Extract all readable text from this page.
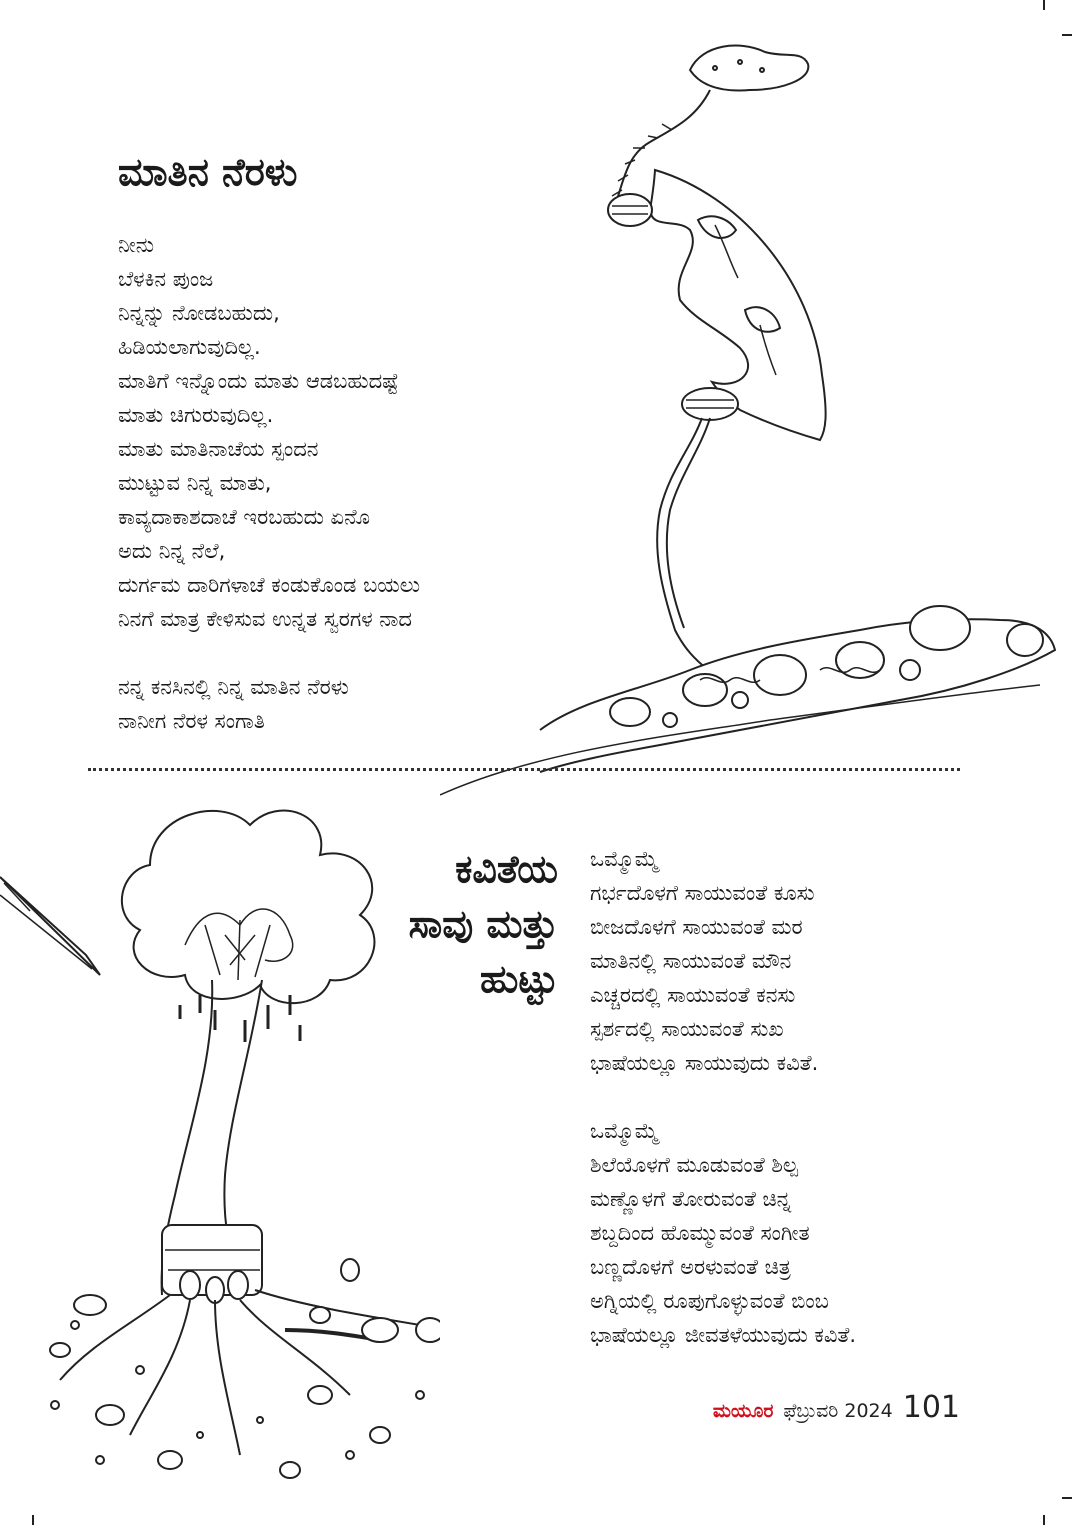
ಮಾತಿನ ನೆರಳು
ನೀನು
ಬೆಳಕಿನ ಪುಂಜ
ನಿನ್ನನ್ನು ನೋಡಬಹುದು,
ಹಿಡಿಯಲಾಗುವುದಿಲ್ಲ.
ಮಾತಿಗೆ ಇನ್ನೊಂದು ಮಾತು ಆಡಬಹುದಷ್ಟೆ
ಮಾತು ಚಿಗುರುವುದಿಲ್ಲ.
ಮಾತು ಮಾತಿನಾಚೆಯ ಸ್ಪಂದನ
ಮುಟ್ಟುವ ನಿನ್ನ ಮಾತು,
ಕಾವ್ಯದಾಕಾಶದಾಚೆ ಇರಬಹುದು ಏನೊ
ಅದು ನಿನ್ನ ನೆಲೆ,
ದುರ್ಗಮ ದಾರಿಗಳಾಚೆ ಕಂಡುಕೊಂಡ ಬಯಲು
ನಿನಗೆ ಮಾತ್ರ ಕೇಳಿಸುವ ಉನ್ನತ ಸ್ವರಗಳ ನಾದ
ನನ್ನ ಕನಸಿನಲ್ಲಿ ನಿನ್ನ ಮಾತಿನ ನೆರಳು
ನಾನೀಗ ನೆರಳ ಸಂಗಾತಿ
ಕವಿತೆಯ
ಸಾವು ಮತ್ತು
ಹುಟ್ಟು
ಒಮ್ಮೊಮ್ಮೆ
ಗರ್ಭದೊಳಗೆ ಸಾಯುವಂತೆ ಕೂಸು
ಬೀಜದೊಳಗೆ ಸಾಯುವಂತೆ ಮರ
ಮಾತಿನಲ್ಲಿ ಸಾಯುವಂತೆ ಮೌನ
ಎಚ್ಚರದಲ್ಲಿ ಸಾಯುವಂತೆ ಕನಸು
ಸ್ಪರ್ಶದಲ್ಲಿ ಸಾಯುವಂತೆ ಸುಖ
ಭಾಷೆಯಲ್ಲೂ ಸಾಯುವುದು ಕವಿತೆ.
ಒಮ್ಮೊಮ್ಮೆ
ಶಿಲೆಯೊಳಗೆ ಮೂಡುವಂತೆ ಶಿಲ್ಪ
ಮಣ್ಣೊಳಗೆ ತೋರುವಂತೆ ಚಿನ್ನ
ಶಬ್ದದಿಂದ ಹೊಮ್ಮುವಂತೆ ಸಂಗೀತ
ಬಣ್ಣದೊಳಗೆ ಅರಳುವಂತೆ ಚಿತ್ರ
ಅಗ್ನಿಯಲ್ಲಿ ರೂಪುಗೊಳ್ಳುವಂತೆ ಬಿಂಬ
ಭಾಷೆಯಲ್ಲೂ ಜೀವತಳೆಯುವುದು ಕವಿತೆ.
ಮಯೂರ ಫೆಬ್ರುವರಿ 2024 101
